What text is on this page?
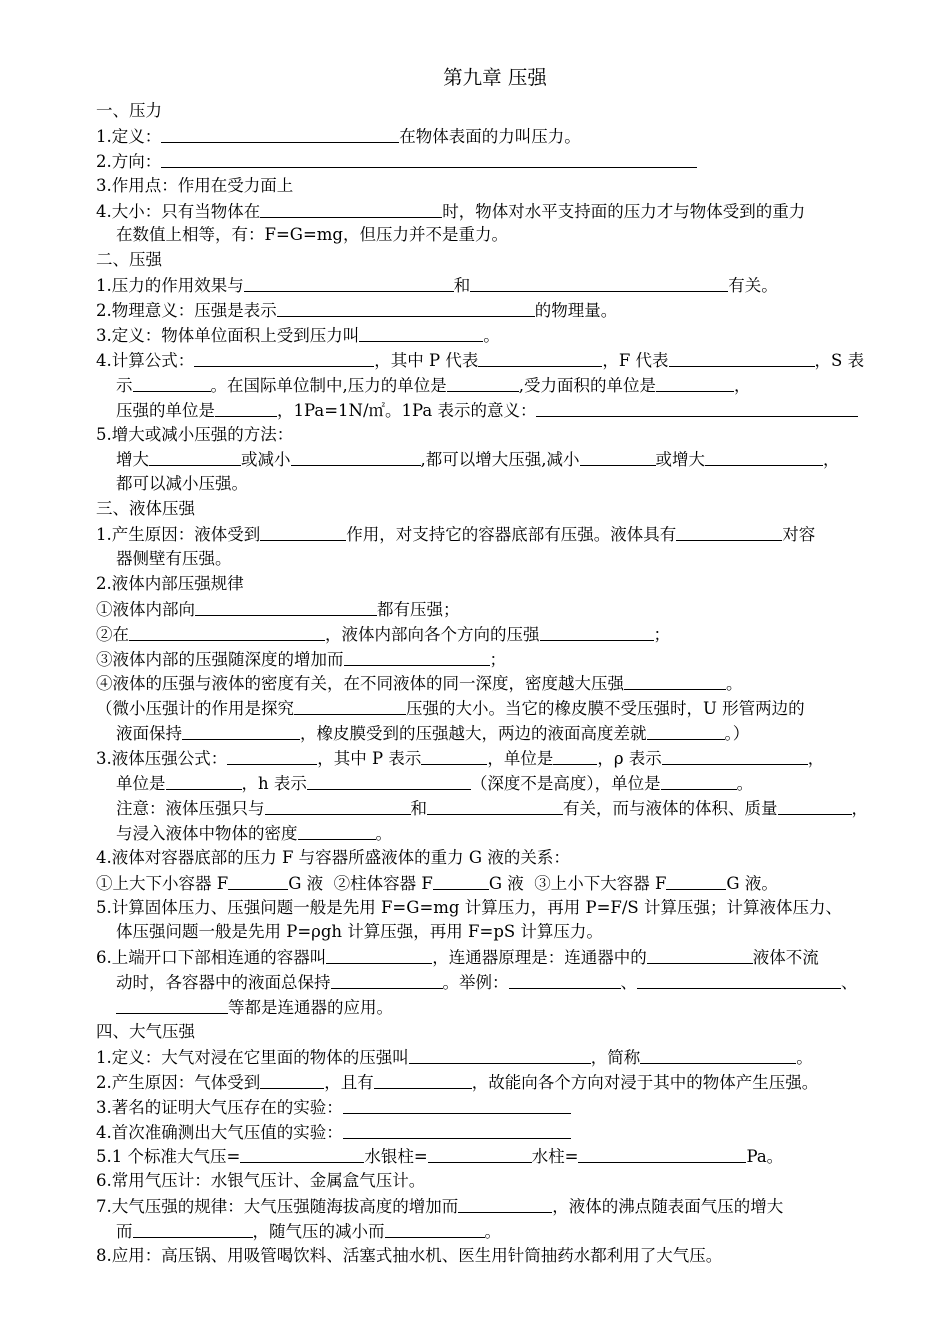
第九章 压强
一、压力
1.定义：	在物体表面的力叫压力。
2.方向：
3.作用点：作用在受力面上
4.大小：只有当物体在	时，物体对水平支持面的压力才与物体受到的重力
在数值上相等，有：F=G=mg，但压力并不是重力。
二、压强
1.压力的作用效果与	和	有关。
2.物理意义：压强是表示	的物理量。
3.定义：物体单位面积上受到压力叫	。
4.计算公式：	，其中 P 代表	，F 代表	，S 表
示	。在国际单位制中,压力的单位是	,受力面积的单位是	，
压强的单位是	，1Pa=1N/㎡。1Pa 表示的意义：
5.增大或减小压强的方法：
增大	或减小	,都可以增大压强,减小	或增大	，
都可以减小压强。
三、液体压强
1.产生原因：液体受到	作用，对支持它的容器底部有压强。液体具有	对容
器侧壁有压强。
2.液体内部压强规律
①液体内部向	都有压强；
②在	，液体内部向各个方向的压强	；
③液体内部的压强随深度的增加而	；
④液体的压强与液体的密度有关，在不同液体的同一深度，密度越大压强	。
（微小压强计的作用是探究	压强的大小。当它的橡皮膜不受压强时，U 形管两边的
液面保持	，橡皮膜受到的压强越大，两边的液面高度差就	。）
3.液体压强公式：	，其中 P 表示	，单位是	，ρ 表示	，
单位是	，h 表示	（深度不是高度），单位是	。
注意：液体压强只与	和	有关，而与液体的体积、质量	，
与浸入液体中物体的密度	。
4.液体对容器底部的压力 F 与容器所盛液体的重力 G 液的关系：
①上大下小容器 F	G 液  ②柱体容器 F	G 液  ③上小下大容器 F	G 液。
5.计算固体压力、压强问题一般是先用 F=G=mg 计算压力，再用 P=F/S 计算压强；计算液体压力、
体压强问题一般是先用 P=ρgh 计算压强，再用 F=pS 计算压力。
6.上端开口下部相连通的容器叫	，连通器原理是：连通器中的	液体不流
动时，各容器中的液面总保持	。举例：	、	、
等都是连通器的应用。
四、大气压强
1.定义：大气对浸在它里面的物体的压强叫	，简称	。
2.产生原因：气体受到	，且有	，故能向各个方向对浸于其中的物体产生压强。
3.著名的证明大气压存在的实验：
4.首次准确测出大气压值的实验：
5.1 个标准大气压=	水银柱=	水柱=	Pa。
6.常用气压计：水银气压计、金属盒气压计。
7.大气压强的规律：大气压强随海拔高度的增加而	，液体的沸点随表面气压的增大
而	，随气压的减小而	。
8.应用：高压锅、用吸管喝饮料、活塞式抽水机、医生用针筒抽药水都利用了大气压。
